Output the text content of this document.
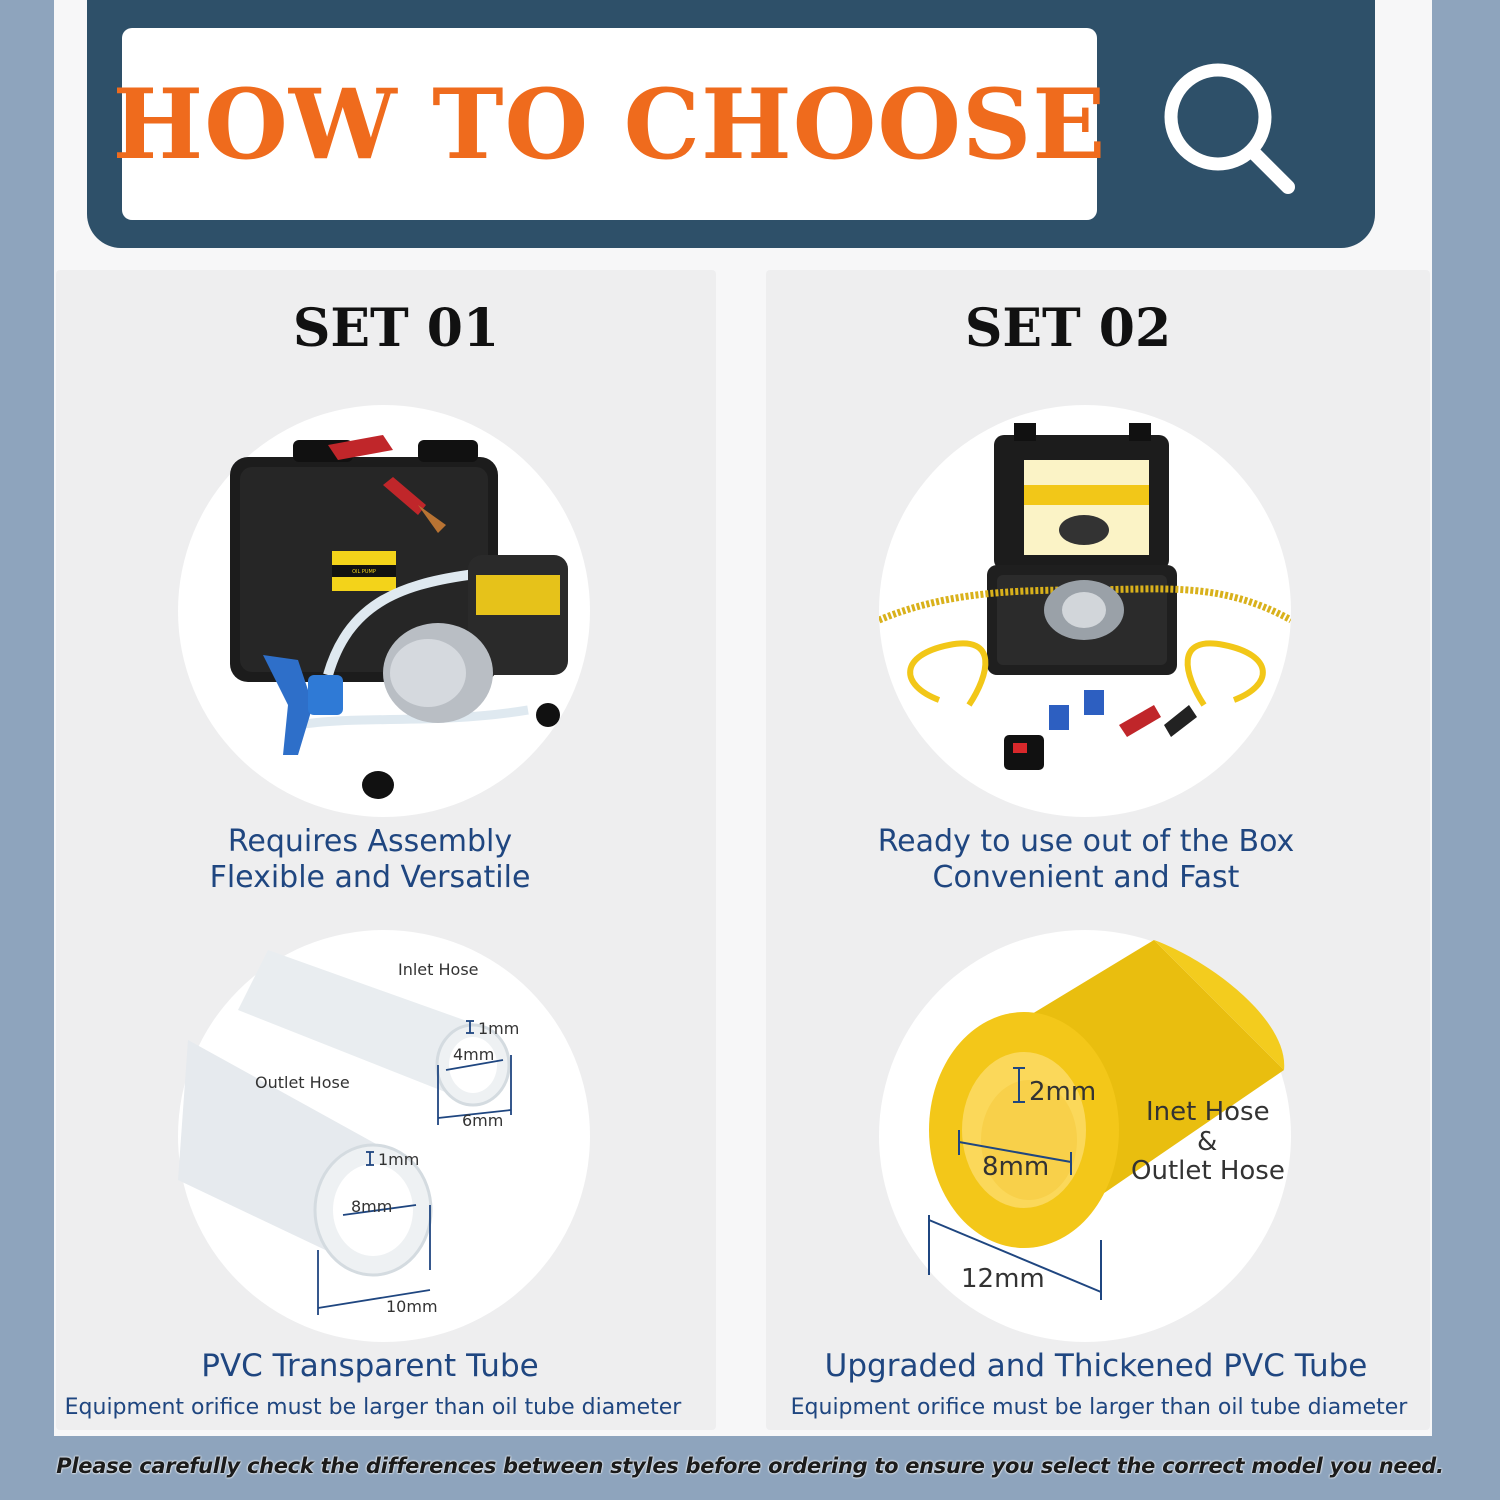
HOW TO CHOOSE
SET 01	SET 02
OIL PUMP
Requires Assembly
Flexible and Versatile
Ready to use out of the Box
Convenient and Fast
Inlet Hose
1mm
4mm
6mm
Outlet Hose
1mm
8mm
10mm
PVC Transparent Tube
Equipment orifice must be larger than oil tube diameter
2mm
8mm
12mm
Inet Hose
&
Outlet Hose
Upgraded and Thickened PVC Tube
Equipment orifice must be larger than oil tube diameter
Please carefully check the differences between styles before ordering to ensure you select the correct model you need.
